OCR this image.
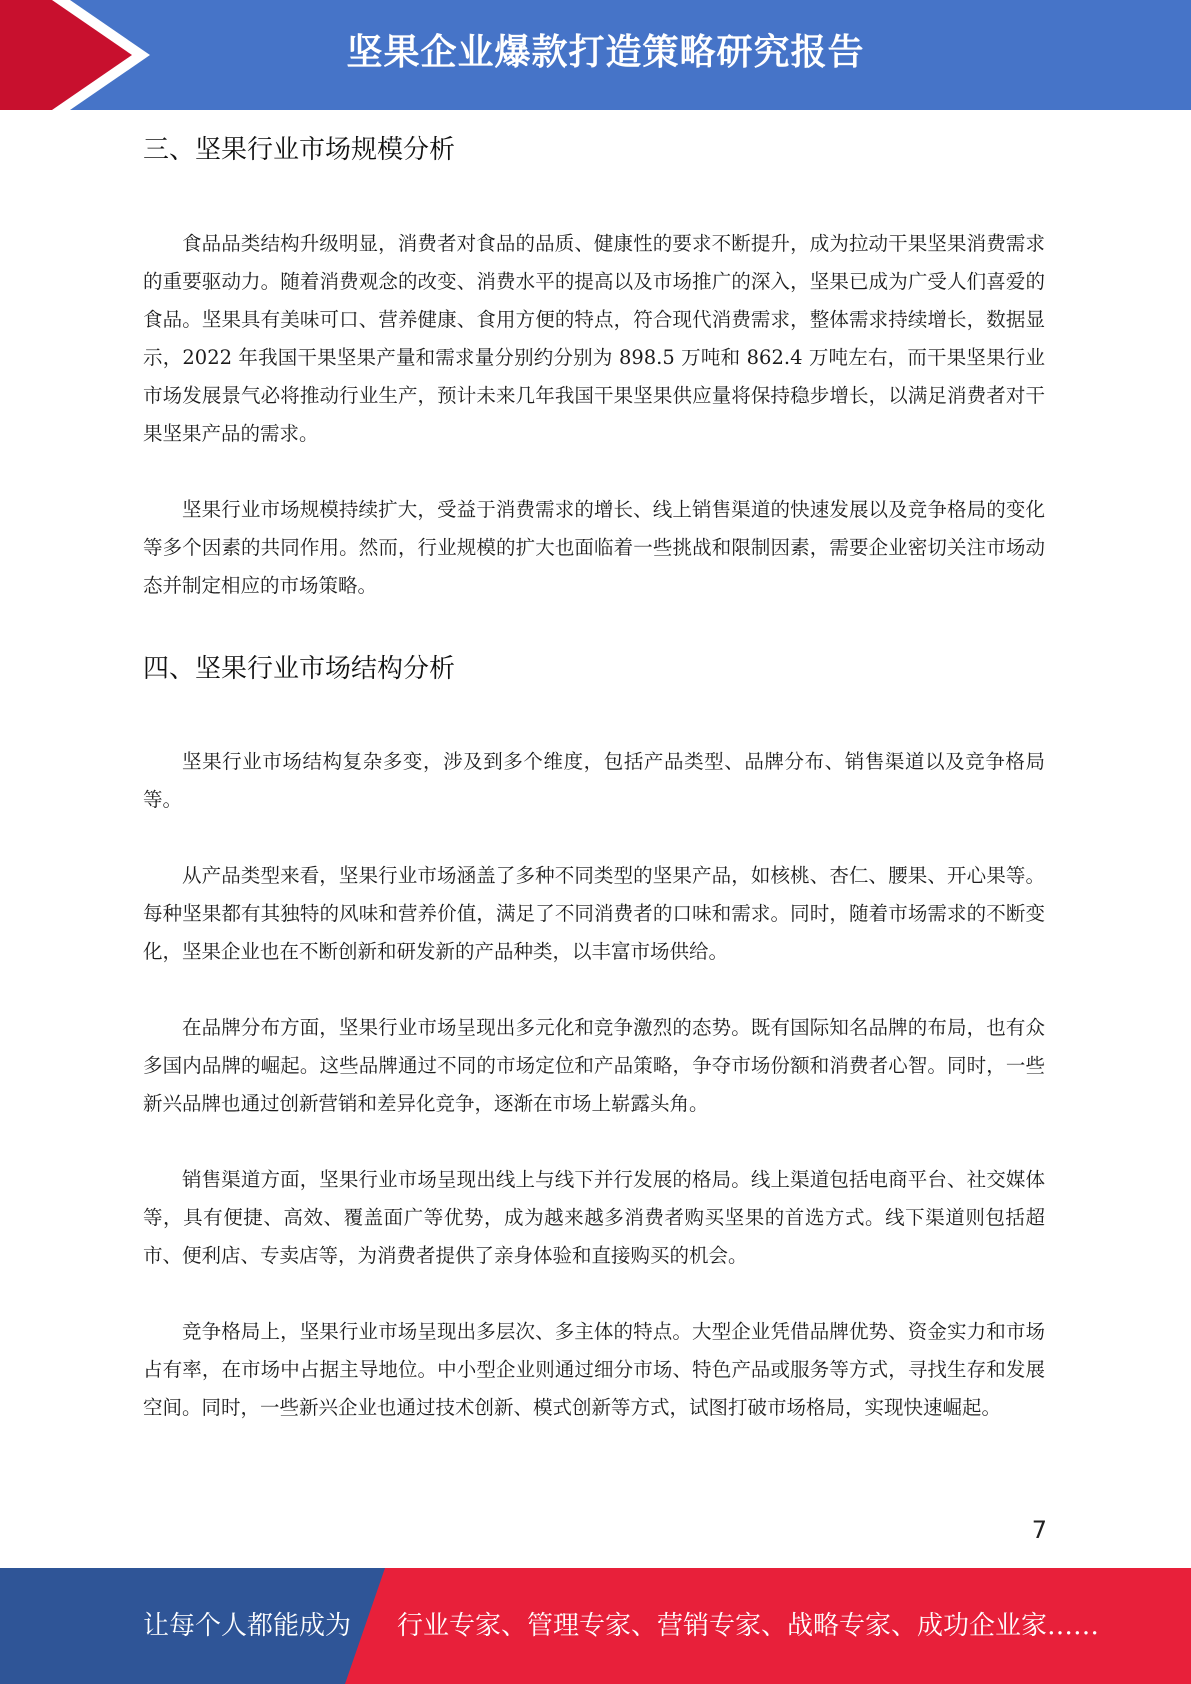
坚果企业爆款打造策略研究报告
三、坚果行业市场规模分析

食品品类结构升级明显，消费者对食品的品质、健康性的要求不断提升，成为拉动干果坚果消费需求的重要驱动力。随着消费观念的改变、消费水平的提高以及市场推广的深入，坚果已成为广受人们喜爱的食品。坚果具有美味可口、营养健康、食用方便的特点，符合现代消费需求，整体需求持续增长，数据显示，2022 年我国干果坚果产量和需求量分别约分别为 898.5 万吨和 862.4 万吨左右，而干果坚果行业市场发展景气必将推动行业生产，预计未来几年我国干果坚果供应量将保持稳步增长，以满足消费者对干果坚果产品的需求。

坚果行业市场规模持续扩大，受益于消费需求的增长、线上销售渠道的快速发展以及竞争格局的变化等多个因素的共同作用。然而，行业规模的扩大也面临着一些挑战和限制因素，需要企业密切关注市场动态并制定相应的市场策略。

四、坚果行业市场结构分析

坚果行业市场结构复杂多变，涉及到多个维度，包括产品类型、品牌分布、销售渠道以及竞争格局等。

从产品类型来看，坚果行业市场涵盖了多种不同类型的坚果产品，如核桃、杏仁、腰果、开心果等。每种坚果都有其独特的风味和营养价值，满足了不同消费者的口味和需求。同时，随着市场需求的不断变化，坚果企业也在不断创新和研发新的产品种类，以丰富市场供给。

在品牌分布方面，坚果行业市场呈现出多元化和竞争激烈的态势。既有国际知名品牌的布局，也有众多国内品牌的崛起。这些品牌通过不同的市场定位和产品策略，争夺市场份额和消费者心智。同时，一些新兴品牌也通过创新营销和差异化竞争，逐渐在市场上崭露头角。

销售渠道方面，坚果行业市场呈现出线上与线下并行发展的格局。线上渠道包括电商平台、社交媒体等，具有便捷、高效、覆盖面广等优势，成为越来越多消费者购买坚果的首选方式。线下渠道则包括超市、便利店、专卖店等，为消费者提供了亲身体验和直接购买的机会。

竞争格局上，坚果行业市场呈现出多层次、多主体的特点。大型企业凭借品牌优势、资金实力和市场占有率，在市场中占据主导地位。中小型企业则通过细分市场、特色产品或服务等方式，寻找生存和发展空间。同时，一些新兴企业也通过技术创新、模式创新等方式，试图打破市场格局，实现快速崛起。

7
让每个人都能成为 行业专家、管理专家、营销专家、战略专家、成功企业家……
